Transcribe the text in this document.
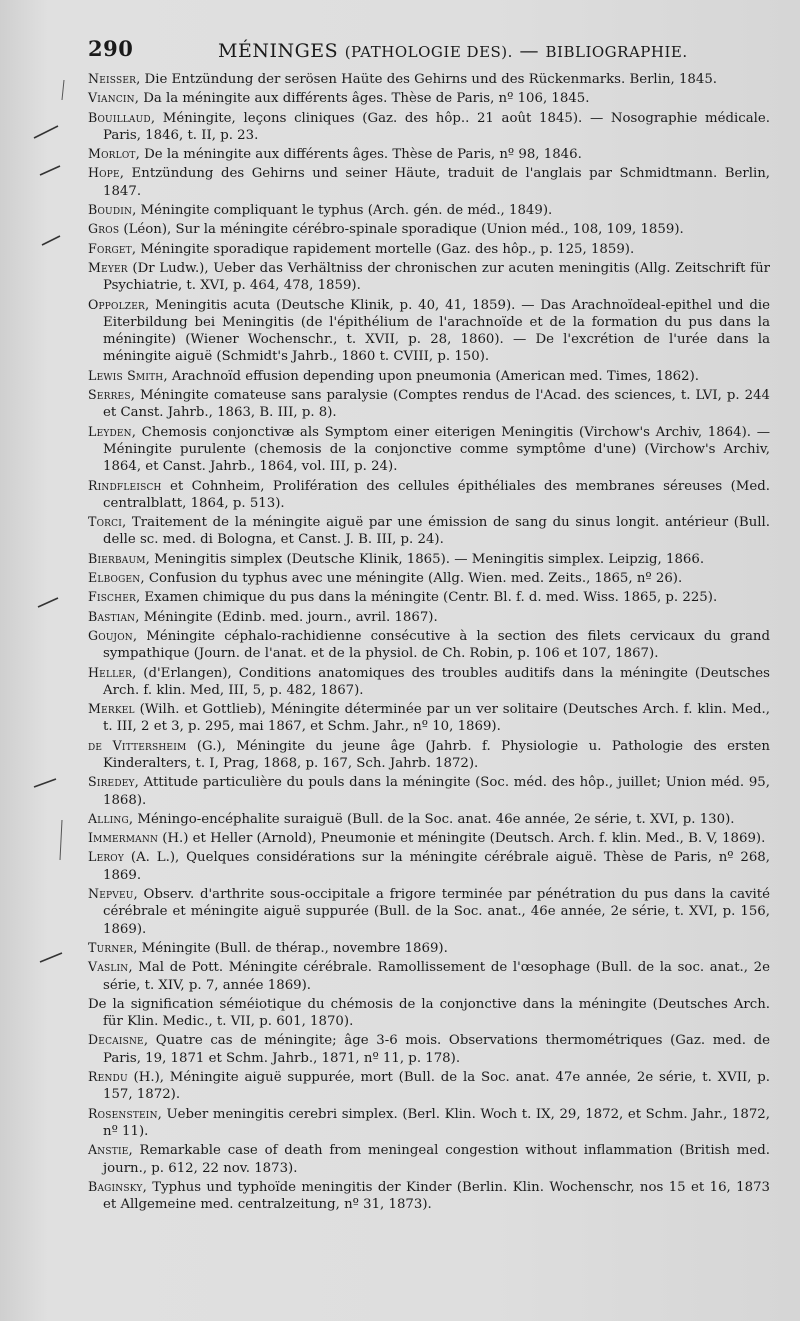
290	MÉNINGES (PATHOLOGIE DES). — BIBLIOGRAPHIE.

Neisser, Die Entzündung der serösen Haüte des Gehirns und des Rückenmarks. Berlin, 1845.

Viancin, Da la méningite aux différents âges. Thèse de Paris, nº 106, 1845.

Bouillaud, Méningite, leçons cliniques (Gaz. des hôp.. 21 août 1845). — Nosographie médicale. Paris, 1846, t. II, p. 23.

Morlot, De la méningite aux différents âges. Thèse de Paris, nº 98, 1846.

Hope, Entzündung des Gehirns und seiner Häute, traduit de l'anglais par Schmidtmann. Berlin, 1847.

Boudin, Méningite compliquant le typhus (Arch. gén. de méd., 1849).

Gros (Léon), Sur la méningite cérébro-spinale sporadique (Union méd., 108, 109, 1859).

Forget, Méningite sporadique rapidement mortelle (Gaz. des hôp., p. 125, 1859).

Meyer (Dr Ludw.), Ueber das Verhältniss der chronischen zur acuten meningitis (Allg. Zeitschrift für Psychiatrie, t. XVI, p. 464, 478, 1859).

Oppolzer, Meningitis acuta (Deutsche Klinik, p. 40, 41, 1859). — Das Arachnoïdeal-epithel und die Eiterbildung bei Meningitis (de l'épithélium de l'arachnoïde et de la formation du pus dans la méningite) (Wiener Wochenschr., t. XVII, p. 28, 1860). — De l'excrétion de l'urée dans la méningite aiguë (Schmidt's Jahrb., 1860 t. CVIII, p. 150).

Lewis Smith, Arachnoïd effusion depending upon pneumonia (American med. Times, 1862).

Serres, Méningite comateuse sans paralysie (Comptes rendus de l'Acad. des sciences, t. LVI, p. 244 et Canst. Jahrb., 1863, B. III, p. 8).

Leyden, Chemosis conjonctivæ als Symptom einer eiterigen Meningitis (Virchow's Archiv, 1864). — Méningite purulente (chemosis de la conjonctive comme symptôme d'une) (Virchow's Archiv, 1864, et Canst. Jahrb., 1864, vol. III, p. 24).

Rindfleisch et Cohnheim, Prolifération des cellules épithéliales des membranes séreuses (Med. centralblatt, 1864, p. 513).

Torci, Traitement de la méningite aiguë par une émission de sang du sinus longit. antérieur (Bull. delle sc. med. di Bologna, et Canst. J. B. III, p. 24).

Bierbaum, Meningitis simplex (Deutsche Klinik, 1865). — Meningitis simplex. Leipzig, 1866.

Elbogen, Confusion du typhus avec une méningite (Allg. Wien. med. Zeits., 1865, nº 26).

Fischer, Examen chimique du pus dans la méningite (Centr. Bl. f. d. med. Wiss. 1865, p. 225).

Bastian, Méningite (Edinb. med. journ., avril. 1867).

Goujon, Méningite céphalo-rachidienne consécutive à la section des filets cervicaux du grand sympathique (Journ. de l'anat. et de la physiol. de Ch. Robin, p. 106 et 107, 1867).

Heller, (d'Erlangen), Conditions anatomiques des troubles auditifs dans la méningite (Deutsches Arch. f. klin. Med, III, 5, p. 482, 1867).

Merkel (Wilh. et Gottlieb), Méningite déterminée par un ver solitaire (Deutsches Arch. f. klin. Med., t. III, 2 et 3, p. 295, mai 1867, et Schm. Jahr., nº 10, 1869).

de Vittersheim (G.), Méningite du jeune âge (Jahrb. f. Physiologie u. Pathologie des ersten Kinderalters, t. I, Prag, 1868, p. 167, Sch. Jahrb. 1872).

Siredey, Attitude particulière du pouls dans la méningite (Soc. méd. des hôp., juillet; Union méd. 95, 1868).

Alling, Méningo-encéphalite suraiguë (Bull. de la Soc. anat. 46e année, 2e série, t. XVI, p. 130).

Immermann (H.) et Heller (Arnold), Pneumonie et méningite (Deutsch. Arch. f. klin. Med., B. V, 1869).

Leroy (A. L.), Quelques considérations sur la méningite cérébrale aiguë. Thèse de Paris, nº 268, 1869.

Nepveu, Observ. d'arthrite sous-occipitale a frigore terminée par pénétration du pus dans la cavité cérébrale et méningite aiguë suppurée (Bull. de la Soc. anat., 46e année, 2e série, t. XVI, p. 156, 1869).

Turner, Méningite (Bull. de thérap., novembre 1869).

Vaslin, Mal de Pott. Méningite cérébrale. Ramollissement de l'œsophage (Bull. de la soc. anat., 2e série, t. XIV, p. 7, année 1869).

De la signification séméiotique du chémosis de la conjonctive dans la méningite (Deutsches Arch. für Klin. Medic., t. VII, p. 601, 1870).

Decaisne, Quatre cas de méningite; âge 3-6 mois. Observations thermométriques (Gaz. med. de Paris, 19, 1871 et Schm. Jahrb., 1871, nº 11, p. 178).

Rendu (H.), Méningite aiguë suppurée, mort (Bull. de la Soc. anat. 47e année, 2e série, t. XVII, p. 157, 1872).

Rosenstein, Ueber meningitis cerebri simplex. (Berl. Klin. Woch t. IX, 29, 1872, et Schm. Jahr., 1872, nº 11).

Anstie, Remarkable case of death from meningeal congestion without inflammation (British med. journ., p. 612, 22 nov. 1873).

Baginsky, Typhus und typhoïde meningitis der Kinder (Berlin. Klin. Wochenschr, nos 15 et 16, 1873 et Allgemeine med. centralzeitung, nº 31, 1873).
